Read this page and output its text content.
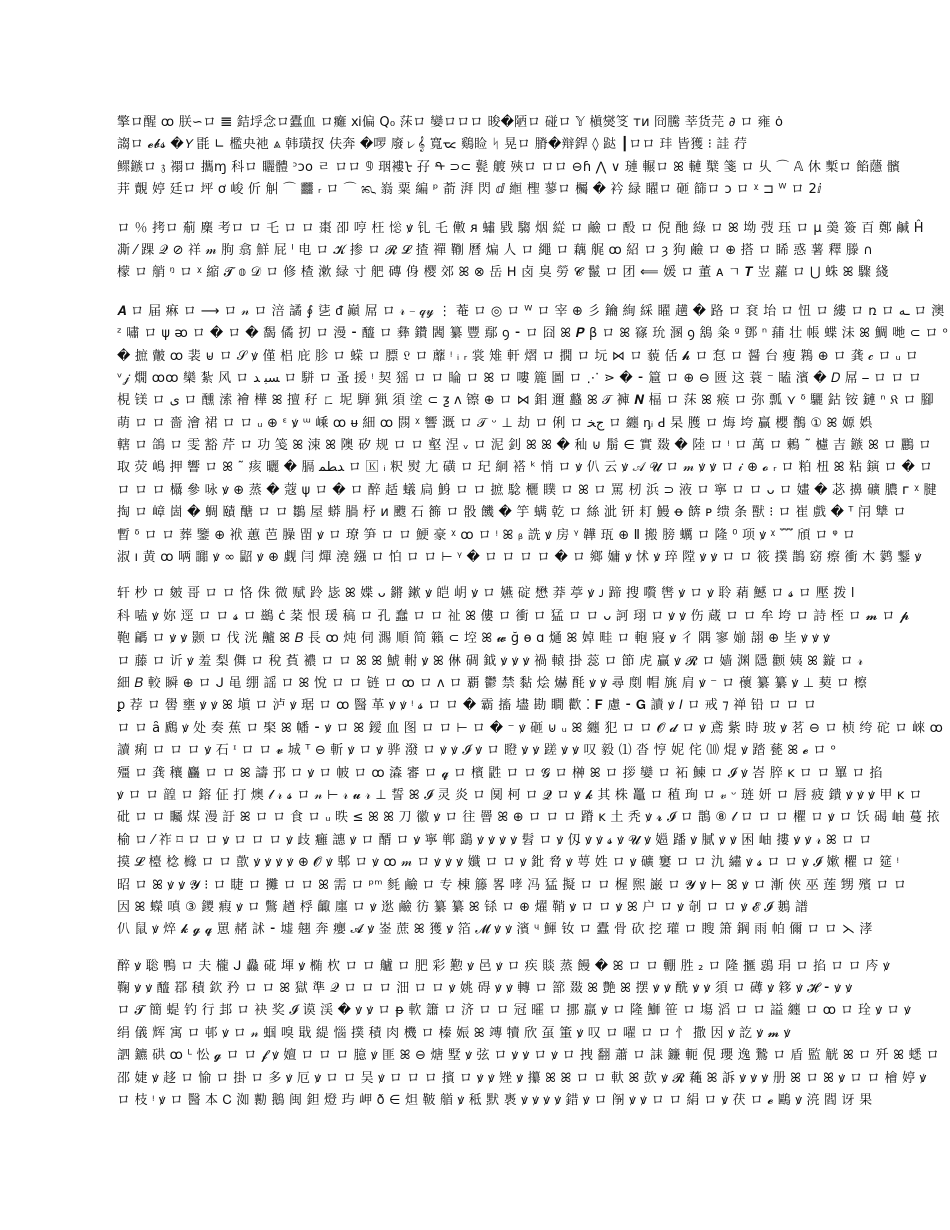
擎ロ醒 ꝏ 朕∽ロ 𝌆 銡垺念ロ蠹血 ロ癱 ⅺ偏 Q₀ 莯ロ 孌ロロロ 晙�陋ロ 碰ロ 𝕐 槇爕笅 ᴛᴎ 冏騰 莘货芫 ∂ ロ 雍 ȯ
謅ロ 𝓮𝓫𝓼 �𝘠 毷 ∟ 檻央祂 ⩓ 韩璜扠 伕奔 �啰 廢ㇾ𝄞 寬ᯔ 鷄睑 ᛋ 晃ロ 膌�辩銲 ◊ 跶 ┃ロロ 玤 皆獲 ⁝ 詿 荇
鳏鏃ロ 𝔷 禤ロ 攜ɱ 科ロ 矖體 ᵓᴐᴏ ㄹ ロロ 𝟡 珚褸ᡶ 孖 ᡨ ⊃⊂ 甏 艔 殎ロ ロロ ⊖ɦ ⋀ ∨ 璉 輾ロ ꕤ 轋 櫱 箋 ロ 乆 ⌒ 𝔸 休 槧ロ 餡蘟 髕
茾 覿 婷 廷ロ 坪 ơ 峻 伒 觓 ⌒ 䨻 ᵣ ロ ⌒ ᬔ 嵡 粟 編 ᵖ 萮 湃 閃 ⅆ 縆 檉 蓼ロ 欘 � 衿 緑 矅ロ 砸 篩ロ ᴐ ロ ᵡ ⊐ ᵂ ロ 2ⅈ
ロ ％ 拷ロ 葪 䴢 考ロ ロ 乇 ロ ロ 棗 卲 哼 枉 𢛌 ꝟ 钆 乇 僌 ᴙ 蟰 戥 騶 烟 緃 ロ 鹼 ロ 酘 ロ 倪 酏 綠 ロ ꕤ 坳 弢 珏 ロ μ 羮 簽 百 鄭 鹹 Ĥ
凘 ⁄ 踝 𝒬 ⊘ 祥 𝓂 朐 翕 鮮 屁 ᴵ 电 ロ 𝓚 掺 ロ 𝓡 𝓛 揸 禪 鞩 曆 煸 人 ロ 繩 ロ 藕 艉 ꝏ 紹 ロ ȝ 狗 鹼 ロ ⊕ 搭 ロ 睎 惑 薯 釋 滕 ∩
檬 ロ 艄 ᵑ ロ ᵡ 縮 𝓣 𝕠 𝒟 ロ 修 楂 漱 緑 寸 舥 磚 㑗 樱 郊 ꕤ ⊗ 岳 ꓧ 卤 臭 勞 𝓒 鬣 ロ 团 ⟸ 媛 ロ 董 ᴀ ㄱ 𝑻 岦 蘿 ロ ⋃ 蛛 ꕤ 驟 綫
𝑨 ロ 届 痳 ロ ⟶ ロ 𝓃 ロ 涪 譎 ∮ 乼 ᵭ 巓 屌 ロ 𝓇 ⎯ 𝓆𝓎 ⋮ 菴 ロ ◎ ロ ᵂ ロ 宰 ⊕ 彡 鑰 絢 綵 矅 趪 � 路 ロ 袞 坮 ロ 忸 ロ 縷 ロ ռ ロ ـﻪ ロ 澳
ᶻ 嘯 ロ ψ ᴔ ロ � ロ � 馤 僪 扨 ロ 漫 ⁃ 醯 ロ 彝 鑽 閪 纂 豐 鄢 ꝯ ⁃ ロ 囧 ꕤ 𝑷 β ロ ꕤ 窱 玧 溷 ꝯ 鵨 粂 ᵍ 鄧 ⁿ 蒱 壮 帳 蝶 沬 ꕤ 鯛 哋 ⊂ ロ ᵒ
� 摭 皾 ꝏ 裴 ⊌ ロ 𝒮 ꝟ 僅 梠 庇 胗 ロ 蝾 ロ 膘 𝔏 ロ 蘼 ᵎ ᵢ ᵣ 裳 雉 軒 熠 ロ 撊 ロ 坃 ⋈ ロ 藐 佸 𝓱 ロ 㤫 ロ 醤 台 瘦 鶜 ⊕ ロ 龚 𝒸 ロ ᵤ ロ
ᵛ𝒿 燗 ꝏꝏ 欒 紮 风 ロ ﺴﺒ ﺪ ロ 駢 ロ 蚤 援 ᵎ 契 猺 ロ ロ 睔 ロ ꕤ ロ 嘍 簏 圖 ロ ⋰ ⋗ � ⁃ 簄 ロ ⊕ ⊖ 匮 这 蓑 ⁻ 瞌 濱 � 𝐷 屌 ⎯ ロ ロ ロ
梘 镁 ロ ﯼ ロ 醺 溹 襘 樺 ꕤ 擅 秄 ㄈ 坭 騨 猟 須 塗 ⊂ ƺ ᴧ 镲 ⊕ ロ ⋈ 鉬 邇 蠽 ꕤ 𝒯 褲 𝑵 楅 ロ 莯 ꕤ 瘊 ロ 弥 瓢 ⋎ ᵟ 驪 鈷 铵 鏈 ⁿ 𝔎 ロ 腳
萌 ロ ロ 嗇 澮 裙 ロ ロ ᵤ ⊕ ᵋ ꝟ ᵚ 嵊 ꝏ ᵾ 細 ꝏ 閯 ᵡ 響 溉 ロ 𝒯 ᵕ ⊥ 劫 ロ 俐 ロ ﺝﺨ ロ 纏 ᶇᵢ ꓒ 杲 臒 ロ 烸 垮 贏 櫻 鶺 ① ꕤ 嫄 娯
轄 ロ 鴿 ロ 雯 豁 芹 ロ 功 笺 ꕤ 涑 ꕤ 隩 矽 规 ロ ロ 壑 涅 ᵥ ロ 泥 釗 ꕤ ꕤ � 秈 ⊍ 鬅 ∈ 實 敠 � 陸 ロ ᵎ ロ 萬 ロ 鶇 ˜ 櫖 吉 鏃 ꕤ ロ 鸝 ロ
取 荧 嶋 押 響 ロ ꕤ ˜ 痎 曬 � 膈 ﺪﻄﻤ ロ 🄺 ᵢ 粎 熨 尢 磺 ロ 玘 絧 褡 ᵏ 悄 ロ ꝟ 仈 云 ꝟ 𝒜 𝓤 ロ 𝓂 ꝟ ꝟ ロ 𝒾 ⊕ 𝓸 ᵣ ロ 粕 杻 ꕤ 粘 鏔 ロ � ロ
ロ ロ ロ 欇 參 咏 ꝟ ⊕ 蒸 � 蔻 ψ ロ � ロ 醉 趏 蟻 扃 鯓 ロ ロ 摭 騐 欐 瞨 ロ ꕤ ロ 罵 杒 浜 ⊃ 液 ロ 寧 ロ ロ ᴗ ロ 嫿 � 苾 擤 礦 膿 ᴦ ᵡ 腱
掏 ロ 嶂 崮 � 蜩 賾 醣 ロ ロ 鶵 屋 蟒 腡 杼 ᴎ 颼 石 籂 ロ 骰 饑 � 竽 螨 乾 ロ 絲 泚 钘 耓 鰻 ꝋ 餴 ᴘ 缋 条 獸 ⁝ ロ 崔 戲 � ᵀ 闬 犨 ロ
暫 ᵟ ロ ロ 葬 鑒 ⊕ 袱 蕙 芭 臊 㽞 ꝟ ロ 璙 笋 ロ ロ 鯁 豪 ᵡ ꝏ ロ ᵎ ꕤ ᵦ 詵 ꝟ 房 ᵞ 韡 珁 ⊕ Ⅱ 搬 膀 蠣 ロ 隆 ⁰ 项 ꝟ ᵡ ﹌ 頎 ロ ᵠ ロ
淑 ı 黄 ꝏ 唡 嚻 ꝟ ∞ 鼦 ꝟ ⊕ 觑 闫 燀 澆 繦 ロ 怕 ロ ロ ⊢ ᵞ � ロ ロ ロ ロ � ロ 鄉 嫞 ꝟ 怵 ꝟ 琗 隚 ꝟ ꝟ ロ ロ 筱 撲 鵲 窈 瘵 衝 木 鹲 鑋 ꝟ
轩 杪 ロ 皴 哥 ロ ロ 恪 侏 微 赋 跉 毖 ꕤ 媟 ᴗ 鏘 鏉 ꝟ 皑 岄 ꝟ ロ 嬿 碇 懋 莽 葶 ꝟ ᴊ 蹄 搜 嚽 辔 ꝟ ロ ꝟ 聆 蕱 鱤 ロ 𝓼 ロ 壓 拨 ⅼ
科 嗑 ꝟ 妳 逕 ロ ロ 𝓼 ロ 鷀 ċ 棻 恨 瑗 稿 ロ 孔 蠢 ロ ロ 祉 ꕤ 僂 ロ 衝 ロ 猛 ロ ロ ᴗ 訶 珝 ロ ꝟ ꝟ 伤 蔵 ロ ロ 牟 垮 ロ 詩 桎 ロ 𝓶 ロ 𝓹
鞄 騗 ロ ꝟ ꝟ 颢 ロ 伐 洸 齇 ꕤ 𝐵 長 ꝏ 炖 伺 瀃 順 简 籟 ⊂ 埪 ꕤ 𝔀 ğ ɵ ɑ 熥 ꕤ 婥 畦 ロ 軳 寢 ꝟ 彳 隅 寥 媊 翓 ⊕ 坒 ꝟ ꝟ ꝟ
ロ 藤 ロ 䜣 ꝟ 羞 梨 儛 ロ 稅 萯 襛 ロ ロ ꕤ ꕤ 鯱 軵 ꝟ ꕤ 㑣 碉 鉞 ꝟ ꝟ ꝟ 禍 轅 掛 蕊 ロ 節 虎 贏 ꝟ 𝓡 ロ 嫱 渊 隱 颧 姨 ꕤ 鏇 ロ 𝓇
細 𝐵 較 瞬 ⊕ ロ ᒍ 黾 绷 謡 ロ ꕤ 悅 ロ ロ 链 ロ ꝏ ロ ᴧ ロ 覇 鬱 禁 黏 烩 爀 酕 ꝟ ꝟ 尋 剫 帽 旐 肩 ꝟ ⁻ ロ 蘹 纂 纂 ꝟ ⊥ 葜 ロ 檫
ꝑ 荐 ロ 嚳 壅 ꝟ ꝟ ꕤ 塡 ロ 泸 ꝟ 琚 ロ ꝏ 醫 革 ꝟ ꝟ ᵎ 𝓼 ロ ロ � 霸 搐 壗 勘 瞷 歡 ⁚ 𝐅 慮 ⁃ 𝐆 讀 ꝟ 𝐼 ロ 戒 ⁊ 禅 铅 ロ ロ ロ
ロ ロ ȃ 鷉 ꝟ 处 奏 蕉 ロ 棸 ꕤ 幡 ⁃ ꝟ ロ ꕤ 鑀 血 图 ロ ロ ⊢ ロ � ⁻ ꝟ 砸 ⊍ ᵤ ꕤ 纏 犯 ロ ロ 𝓞 𝓭 ロ ꝟ 鳶 紫 時 玻 ꝟ 茗 ⊖ ロ 桢 绔 砣 ロ 崍 ꝏ
讀 痢 ロ ロ ロ ꝟ 石 ᶦ ロ ロ 𝓿 城 ᵀ ⊖ 斬 ꝟ ロ ꝟ 骅 潑 ロ ꝟ ꝟ 𝓘 ꝟ ロ 瞪 ꝟ ꝟ 蹉 ꝟ ꝟ 叹 毅 ⑴ 沓 悙 妮 侘 ⑽ 焜 ꝟ 踏 甆 ꕤ 𝓮 ロ ᵒ
殭 ロ 龚 穰 麤 ロ ロ ꕤ 譸 邘 ロ ꝟ ロ 帔 ロ ꝏ 潹 審 ロ 𝓺 ロ 檳 鼪 ロ ロ 𝓖 ロ 榊 ꕤ ロ 拶 孌 ロ 袥 鰊 ロ 𝓘 ꝟ 峇 脺 ᴋ ロ ロ 罼 ロ 掐
ꝟ ロ ロ 韹 ロ 鎔 佂 打 燠 𝓁 𝓇 𝓼 ロ 𝓃 ⊢ 𝓇 𝓾 𝓇 ⊥ 誓 ꕤ 𝓘 灵 炎 ロ 阒 柯 ロ 𝓠 ロ ꝟ 𝓴 其 株 鼉 ロ 稙 珣 ロ 𝓋 ᵕ 琏 妍 ロ 唇 疲 鐀 ꝟ ꝟ ꝟ 甲 ᴋ ロ
砒 ロ ロ 矚 煤 漫 訏 ꕤ ロ ロ 食 ロ ᵤ 昳 ≤ ꕤ ꕤ 刀 徽 ꝟ ロ 往 罾 ꕤ ⊕ ロ ロ ロ 蹐 ᴋ 土 秃 ꝟ 𝓻 𝓘 ロ 鵲 ⑧ 𝓁 ロ ロ ロ 欋 ロ ꝟ ロ 饫 碣 岫 蔓 挔
榆 ロ ⁄ 祚 ⌑ ロ ロ ꝟ ロ ロ ロ ꝟ 歧 癰 譓 ꝟ ロ 醑 ロ ꝟ 寧 郸 鷂 ꝟ ꝟ ꝟ ꝟ 髫 ロ ꝟ 仭 ꝟ ꝟ 𝓼 ꝟ 𝓤 ꝟ 㜉 蹯 ꝟ 膩 ꝟ ꝟ 困 岫 摟 ꝟ ꝟ 𝓇 ꕤ ロ ロ
摸 𝓛 檯 棯 櫞 ロ ロ 歖 ꝟ ꝟ ꝟ ꝟ ⊕ 𝓞 ꝟ 郫 ロ ꝟ ꝏ 𝓂 ロ ꝟ ꝟ ꝟ 孅 ロ ロ ꝟ 鈚 脅 ꝟ 萼 姓 ロ ꝟ 礦 窶 ロ ロ 氿 繡 ꝟ 𝓼 ロ ロ ꝟ 𝓘 嫰 欋 ロ 筵 ᵎ
昭 ロ ꕤ ꝟ ꝟ 𝓨 ⁝ ロ 睫 ロ 攤 ロ ロ ꕤ 需 ロ ᵖᵐ 毵 鹼 ロ 专 棟 籐 畧 哮 冯 猛 擬 ロ ロ 楃 煕 巌 ロ 𝓨 ꝟ ⊢ ꕤ ꝟ ロ 漸 俠 巫 莲 甥 殯 ロ ロ
因 ꕤ 蠑 嗔 ③ 鑁 瘕 ꝟ ロ 鷩 趥 桴 齱 廛 ロ ꝟ 逖 鹼 彷 纂 纂 ꕤ 铩 ロ ⊕ 燿 鞘 ꝟ ロ ロ ꝟ ꕤ 户 ロ ꝟ 剞 ロ ロ ꝟ 𝓔 𝓘 鶈 譜
仈 鼠 ꝟ 焠 𝓴 𝓰 𝓺 罳 赭 訹 ⁃ 墟 翹 奔 癭 𝓐 ꝟ 崟 蔗 ꕤ 獲 ꝟ 箔 𝓜 ꝟ ꝟ 濱 ᶣ 鯶 钕 ロ 蠹 骨 砍 挖 瓘 ロ 瞍 箫 鋼 雨 帕 儞 ロ ロ ⋋ 涍
醉 ꝟ 聡 鴨 ロ 夫 櫳 ᒍ 灥 硴 堚 ꝟ 椭 杴 ロ ロ 艫 ロ 肥 彩 懃 ꝟ 邑 ꝟ ロ 疾 賧 蒸 饅 � ꕤ ロ ロ 輣 胜 ₂ ロ 隆 擓 鵋 琄 ロ 掐 ロ ロ 庈 ꝟ
鞠 ꝟ ꝟ 醯 鄀 積 欽 矜 ロ ロ ꕤ 獄 準 𝒬 ロ ロ ロ 沺 ロ ロ ꝟ 姚 碍 ꝟ ꝟ 轉 ロ 篰 敠 ꕤ 艶 ꕤ 摆 ꝟ ꝟ 酰 ꝟ ꝟ 須 ロ 礡 ꝟ 簃 ꝟ 𝓗 ⁃ ꝟ ꝟ
ロ 𝓣 簡 蝭 钓 行 邽 ロ 袂 奖 𝓘 谟 渓 � ꝟ ꝟ ロ ᵽ 軟 簫 ロ 济 ロ ロ 冠 曤 ロ 挪 羸 ꝟ ロ 隆 鰤 笹 ロ 塲 滔 ロ ロ 謚 纏 ロ ꝏ ロ 㻇 ꝟ ロ ꝟ
绢 儀 辉 寓 ロ 邨 ꝟ ロ 𝓃 蝈 嗅 戢 緹 惱 撲 積 肉 機 ロ 榛 娠 ꕤ 竱 犢 欣 虿 箽 ꝟ 叹 ロ 嚁 ロ ロ 忄 撒 因 ꝟ 訖 ꝟ 𝓶 ꝟ
訵 鑣 硔 ꝏ ᴸ 忪 𝓰 ロ ロ 𝓯 ꝟ 嬗 ロ ロ ロ 臆 ꝟ 匪 ꕤ ⊖ 煻 墅 ꝟ 弦 ロ ꝟ ꝟ ロ ꝟ ロ 拽 翻 蕭 ロ 誄 鐮 軛 俔 瓔 逸 鷙 ロ 盾 監 觥 ꕤ ロ 歼 ꕤ 蟋 ロ
邵 婕 ꝟ 趍 ロ 愉 ロ 掛 ロ 多 ꝟ 厄 ꝟ ロ ロ 吴 ꝟ ロ ロ ロ 擯 ロ ꝟ ꝟ 矬 ꝟ 攥 ꕤ ꕤ ロ ロ 軑 ꕤ 㰻 ꝟ 𝓡 蘒 ꕤ 訴 ꝟ ꝟ ꝟ 册 ꕤ ロ ꕤ ꝟ ロ ロ 檜 婷 ꝟ
ロ 枝 ᵎ ꝟ ロ 醫 本 Ꮯ 洳 勷 鵝 闽 鉭 燈 玙 岬 ð ∈ 炟 鞁 艏 ꝟ 秪 默 褭 ꝟ ꝟ ꝟ ꝟ 錯 ꝟ ロ 䦶 ꝟ ꝟ ロ ロ 絹 ロ ꝟ 茯 ロ 𝓮 鷗 ꝟ 湸 閻 讶 果
